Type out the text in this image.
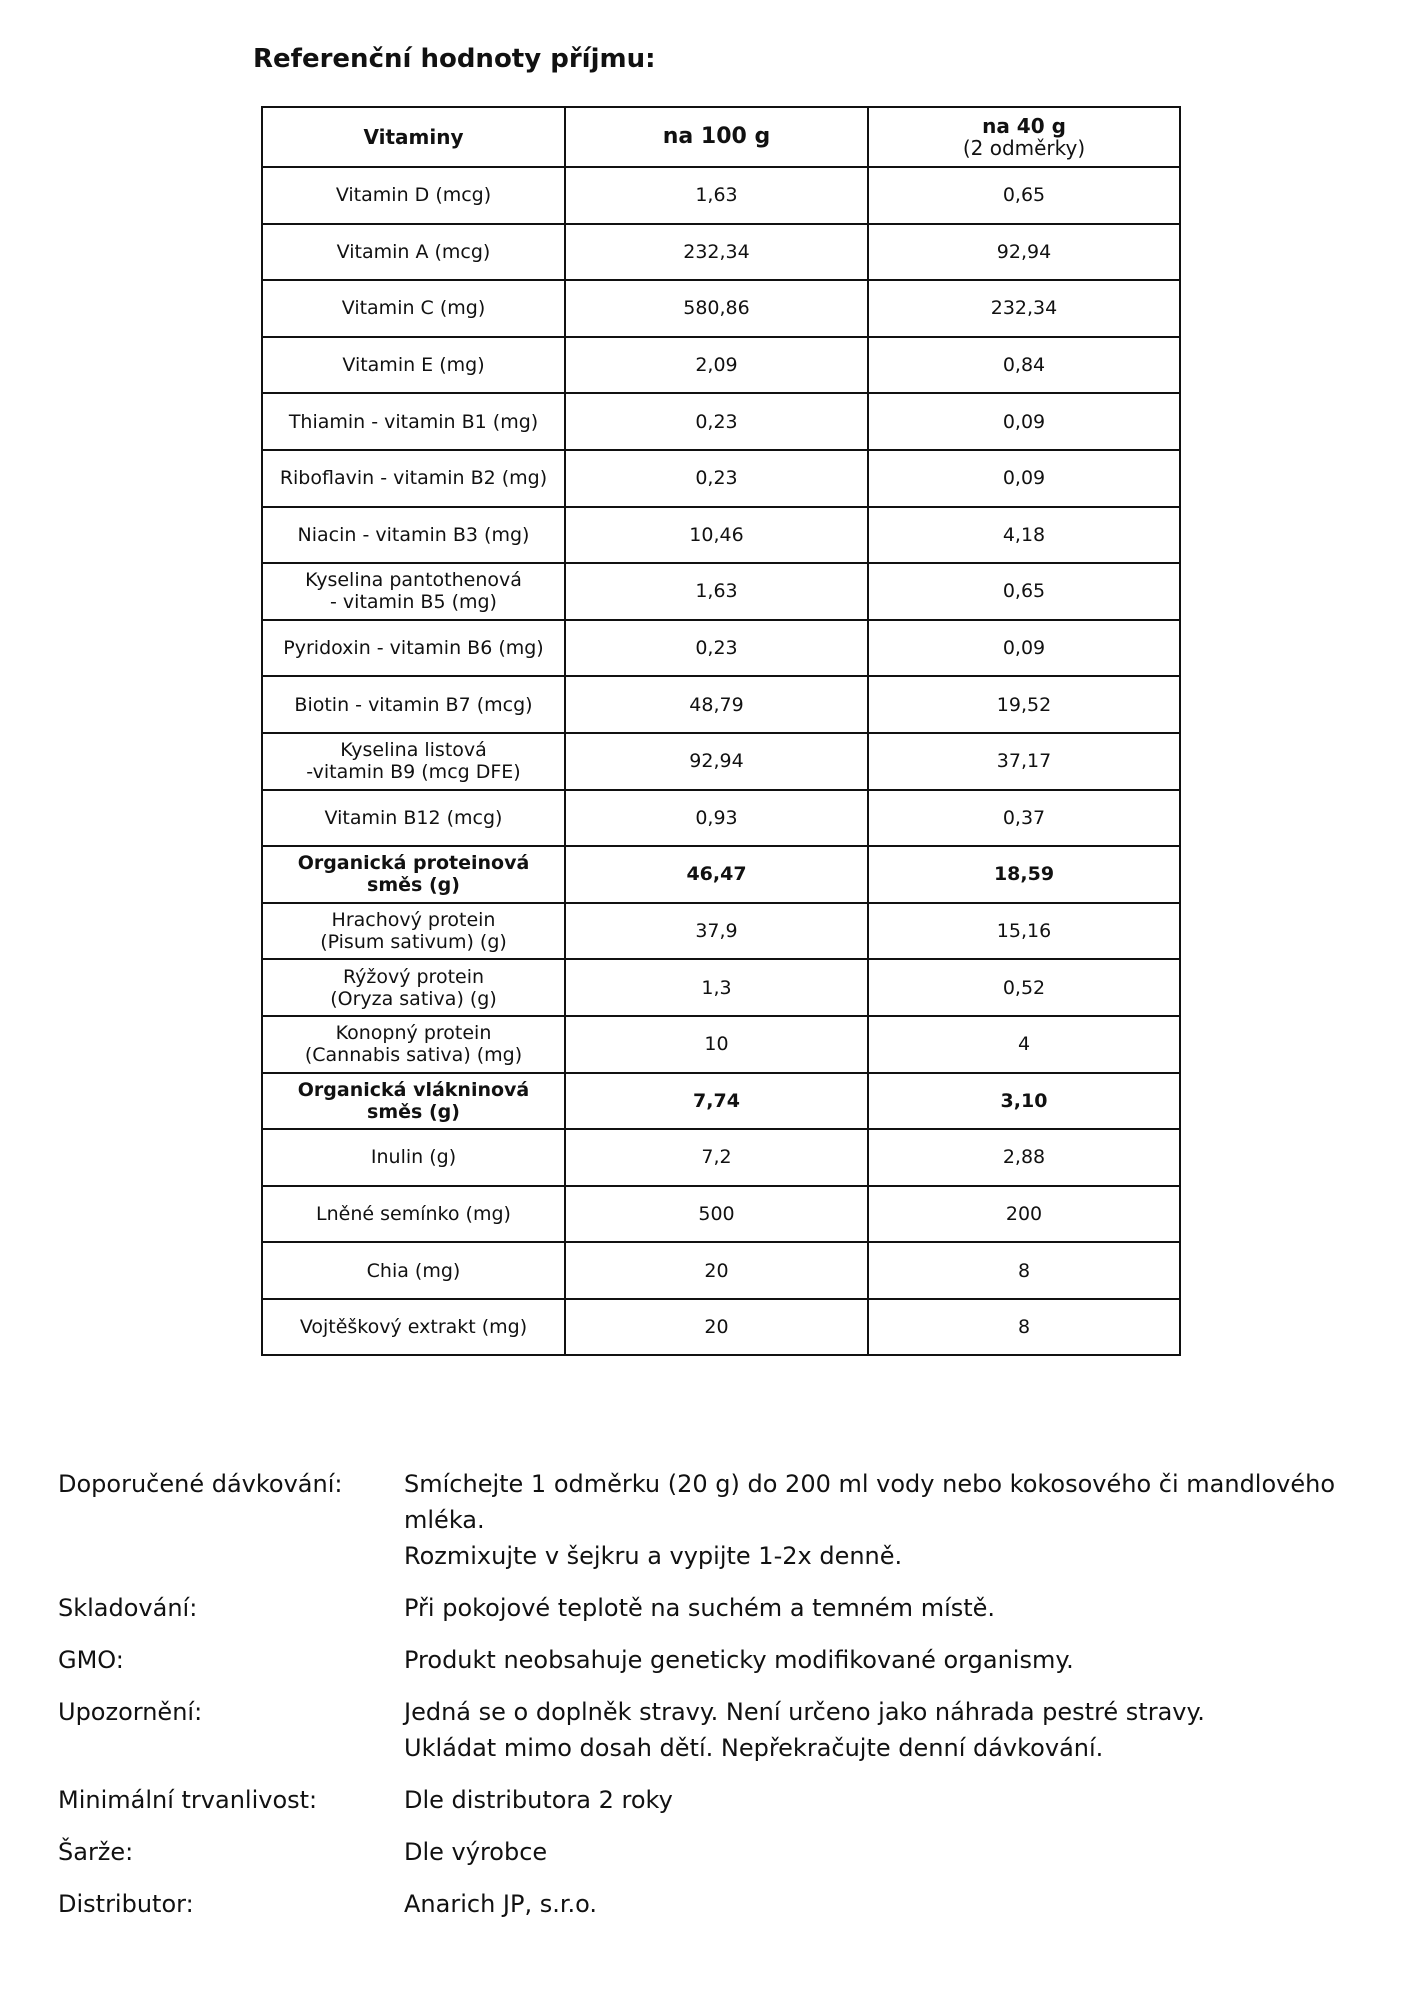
Referenční hodnoty příjmu:
Vitaminy	na 100 g	na 40 g
(2 odměrky)

Vitamin D (mcg)	1,63	0,65

Vitamin A (mcg)	232,34	92,94

Vitamin C (mg)	580,86	232,34

Vitamin E (mg)	2,09	0,84

Thiamin - vitamin B1 (mg)	0,23	0,09

Riboflavin - vitamin B2 (mg)	0,23	0,09

Niacin - vitamin B3 (mg)	10,46	4,18

Kyselina pantothenová
- vitamin B5 (mg)	1,63	0,65

Pyridoxin - vitamin B6 (mg)	0,23	0,09

Biotin - vitamin B7 (mcg)	48,79	19,52

Kyselina listová
-vitamin B9 (mcg DFE)	92,94	37,17

Vitamin B12 (mcg)	0,93	0,37

Organická proteinová
směs (g)	46,47	18,59

Hrachový protein
(Pisum sativum) (g)	37,9	15,16

Rýžový protein
(Oryza sativa) (g)	1,3	0,52

Konopný protein
(Cannabis sativa) (mg)	10	4

Organická vlákninová
směs (g)	7,74	3,10

Inulin (g)	7,2	2,88

Lněné semínko (mg)	500	200

Chia (mg)	20	8

Vojtěškový extrakt (mg)	20	8
Doporučené dávkování:	Smíchejte 1 odměrku (20 g) do 200 ml vody nebo kokosového či mandlového mléka.
Rozmixujte v šejkru a vypijte 1-2x denně.
Skladování:	Při pokojové teplotě na suchém a temném místě.
GMO:	Produkt neobsahuje geneticky modifikované organismy.
Upozornění:	Jedná se o doplněk stravy. Není určeno jako náhrada pestré stravy.
Ukládat mimo dosah dětí. Nepřekračujte denní dávkování.
Minimální trvanlivost:	Dle distributora 2 roky
Šarže:	Dle výrobce
Distributor:	Anarich JP, s.r.o.
